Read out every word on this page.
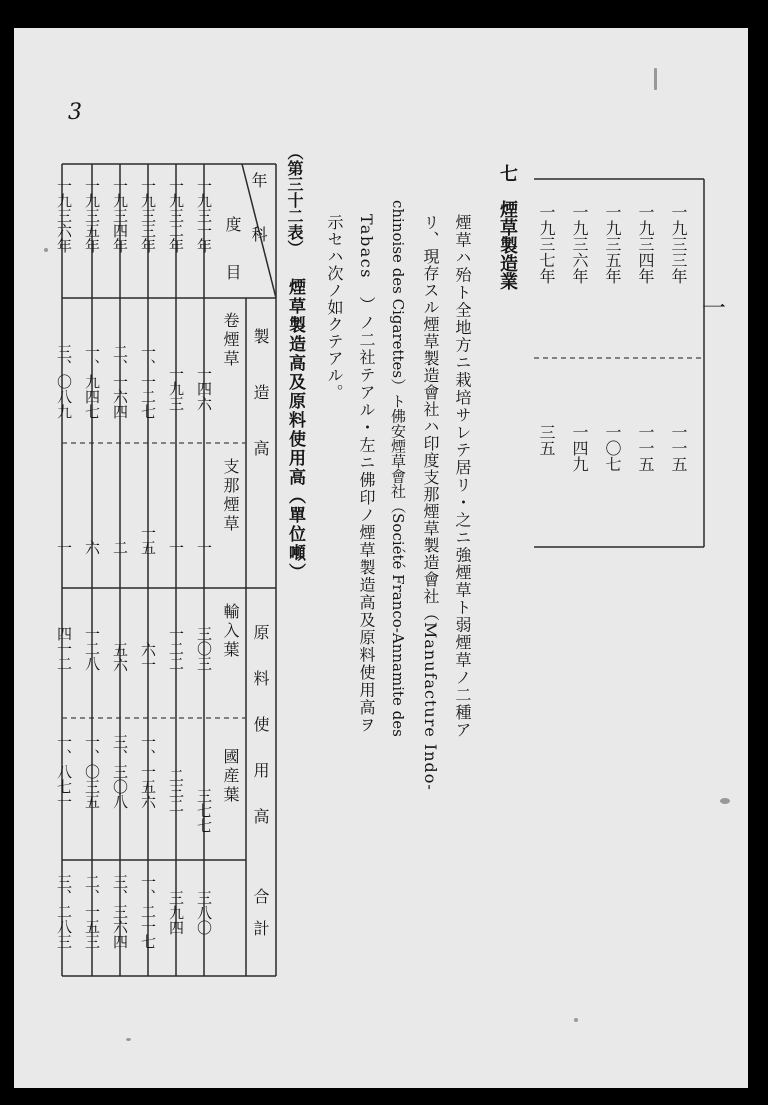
3
一
一九三三年
一九三四年
一九三五年
一九三六年
一九三七年
一一五
一一五
一〇七
一四九
三五
七　煙草製造業
煙草ハ殆ト全地方ニ栽培サレテ居リ・之ニ強煙草ト弱煙草ノ二種ア
リ、現存スル煙草製造會社ハ印度支那煙草製造會社（Manufacture Indo-
chinoise des Cigarettes）ト佛安煙草會社（Société Franco-Annamite des
Tabacs　）ノ二社テアル・左ニ佛印ノ煙草製造高及原料使用高ヲ
示セハ次ノ如クテアル。
（第三十二表）
煙草製造高及原料使用高（單位噸）
年
科
度
目
製造高
原料使用高
卷煙草
支那煙草
輸入葉
國産葉
合計
一九三一年
一九三二年
一九三三年
一九三四年
一九三五年
一九三六年
一四六
一九三
一、一二七
二、一六四
一、九四七
三、〇八九
一
一
一五
二
六
一
三〇三
一二二
六一
五六
一二八
四一二
三七七
二三二
一、一五六
三、三〇八
一、〇三五
一、八七一
三八〇
三九四
一、二一七
三、三六四
二、一五三
三、二八三
